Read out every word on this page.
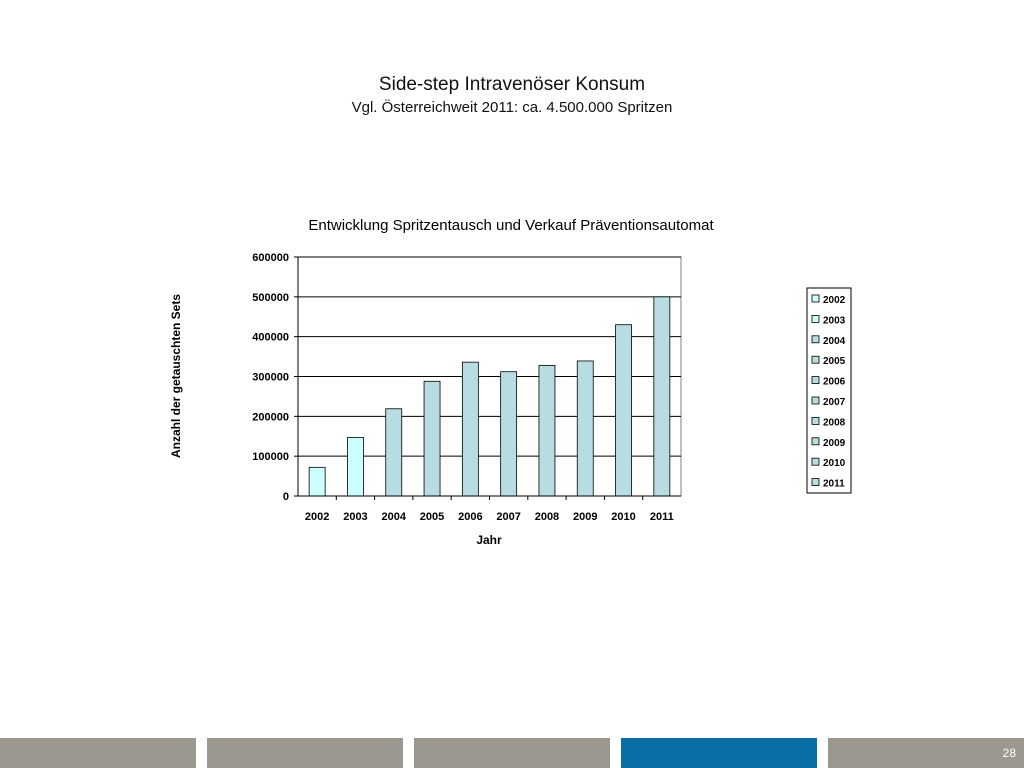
Side-step Intravenöser Konsum
Vgl. Österreichweit 2011: ca. 4.500.000 Spritzen
Entwicklung Spritzentausch und Verkauf Präventionsautomat
0
100000
200000
300000
400000
500000
600000
2002 2003 2004 2005 2006 2007 2008 2009 2010 2011
Jahr
Anzahl der getauschten Sets	2002
2003
2004
2005
2006
2007
2008
2009
2010
2011
28
